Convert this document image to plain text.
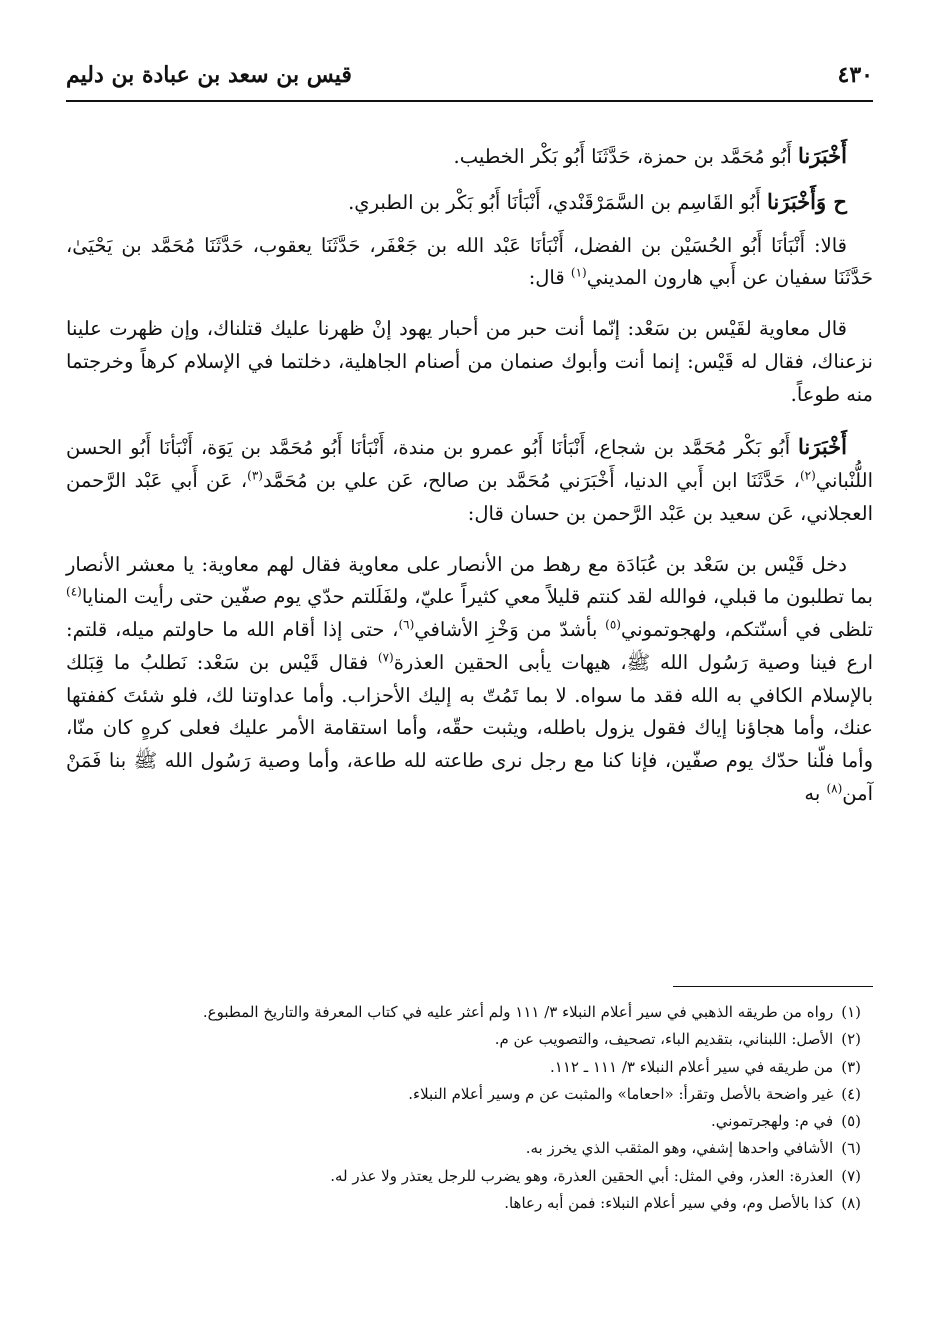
٤٣٠
قيس بن سعد بن عبادة بن دليم

أَخْبَرَنا أَبُو مُحَمَّد بن حمزة، حَدَّثَنَا أَبُو بَكْر الخطيب.

ح وَأَخْبَرَنا أَبُو القَاسِم بن السَّمَرْقَنْدي، أَنْبَأنَا أَبُو بَكْر بن الطبري.

قالا: أَنْبَأنَا أَبُو الحُسَيْن بن الفضل، أَنْبَأنَا عَبْد الله بن جَعْفَر، حَدَّثَنَا يعقوب، حَدَّثَنَا مُحَمَّد بن يَحْيَىٰ، حَدَّثَنَا سفيان عن أَبي هارون المديني$^{(١)}$ قال:

قال معاوية لقَيْس بن سَعْد: إنّما أنت حبر من أحبار يهود إنْ ظهرنا عليك قتلناك، وإن ظهرت علينا نزعناك، فقال له قَيْس: إنما أنت وأبوك صنمان من أصنام الجاهلية، دخلتما في الإسلام كرهاً وخرجتما منه طوعاً.

أَخْبَرَنا أَبُو بَكْر مُحَمَّد بن شجاع، أَنْبَأنَا أَبُو عمرو بن مندة، أَنْبَأنَا أَبُو مُحَمَّد بن يَوَة، أَنْبَأنَا أَبُو الحسن اللُّنْباني$^{(٢)}$، حَدَّثَنَا ابن أَبي الدنيا، أَخْبَرَني مُحَمَّد بن صالح، عَن علي بن مُحَمَّد$^{(٣)}$، عَن أَبي عَبْد الرَّحمن العجلاني، عَن سعيد بن عَبْد الرَّحمن بن حسان قال:

دخل قَيْس بن سَعْد بن عُبَادَة مع رهط من الأنصار على معاوية فقال لهم معاوية: يا معشر الأنصار بما تطلبون ما قبلي، فوالله لقد كنتم قليلاً معي كثيراً عليّ، ولفَلَلتم حدّي يوم صفّين حتى رأيت المنايا$^{(٤)}$ تلظى في أسنّتكم، ولهجوتموني$^{(٥)}$ بأشدّ من وَخْزِ الأشافي$^{(٦)}$، حتى إذا أقام الله ما حاولتم ميله، قلتم: ارع فينا وصية رَسُول الله ﷺ، هيهات يأبى الحقين العذرة$^{(٧)}$ فقال قَيْس بن سَعْد: نَطلبُ ما قِبَلك بالإسلام الكافي به الله فقد ما سواه. لا بما تَمُتّ به إليك الأحزاب. وأما عداوتنا لك، فلو شئتَ كففتها عنك، وأما هجاؤنا إياك فقول يزول باطله، ويثبت حقّه، وأما استقامة الأمر عليك فعلى كرهٍ كان منّا، وأما فلّنا حدّك يوم صفّين، فإنا كنا مع رجل نرى طاعته لله طاعة، وأما وصية رَسُول الله ﷺ بنا فَمَنْ آمن$^{(٨)}$ به

(١)
رواه من طريقه الذهبي في سير أعلام النبلاء ٣/ ١١١ ولم أعثر عليه في كتاب المعرفة والتاريخ المطبوع.
(٢)
الأصل: اللبناني، بتقديم الباء، تصحيف، والتصويب عن م.
(٣)
من طريقه في سير أعلام النبلاء ٣/ ١١١ ـ ١١٢.
(٤)
غير واضحة بالأصل وتقرأ: «احعاما» والمثبت عن م وسير أعلام النبلاء.
(٥)
في م: ولهجرتموني.
(٦)
الأشافي واحدها إشفي، وهو المثقب الذي يخرز به.
(٧)
العذرة: العذر، وفي المثل: أبي الحقين العذرة، وهو يضرب للرجل يعتذر ولا عذر له.
(٨)
كذا بالأصل وم، وفي سير أعلام النبلاء: فمن أبه رعاها.
